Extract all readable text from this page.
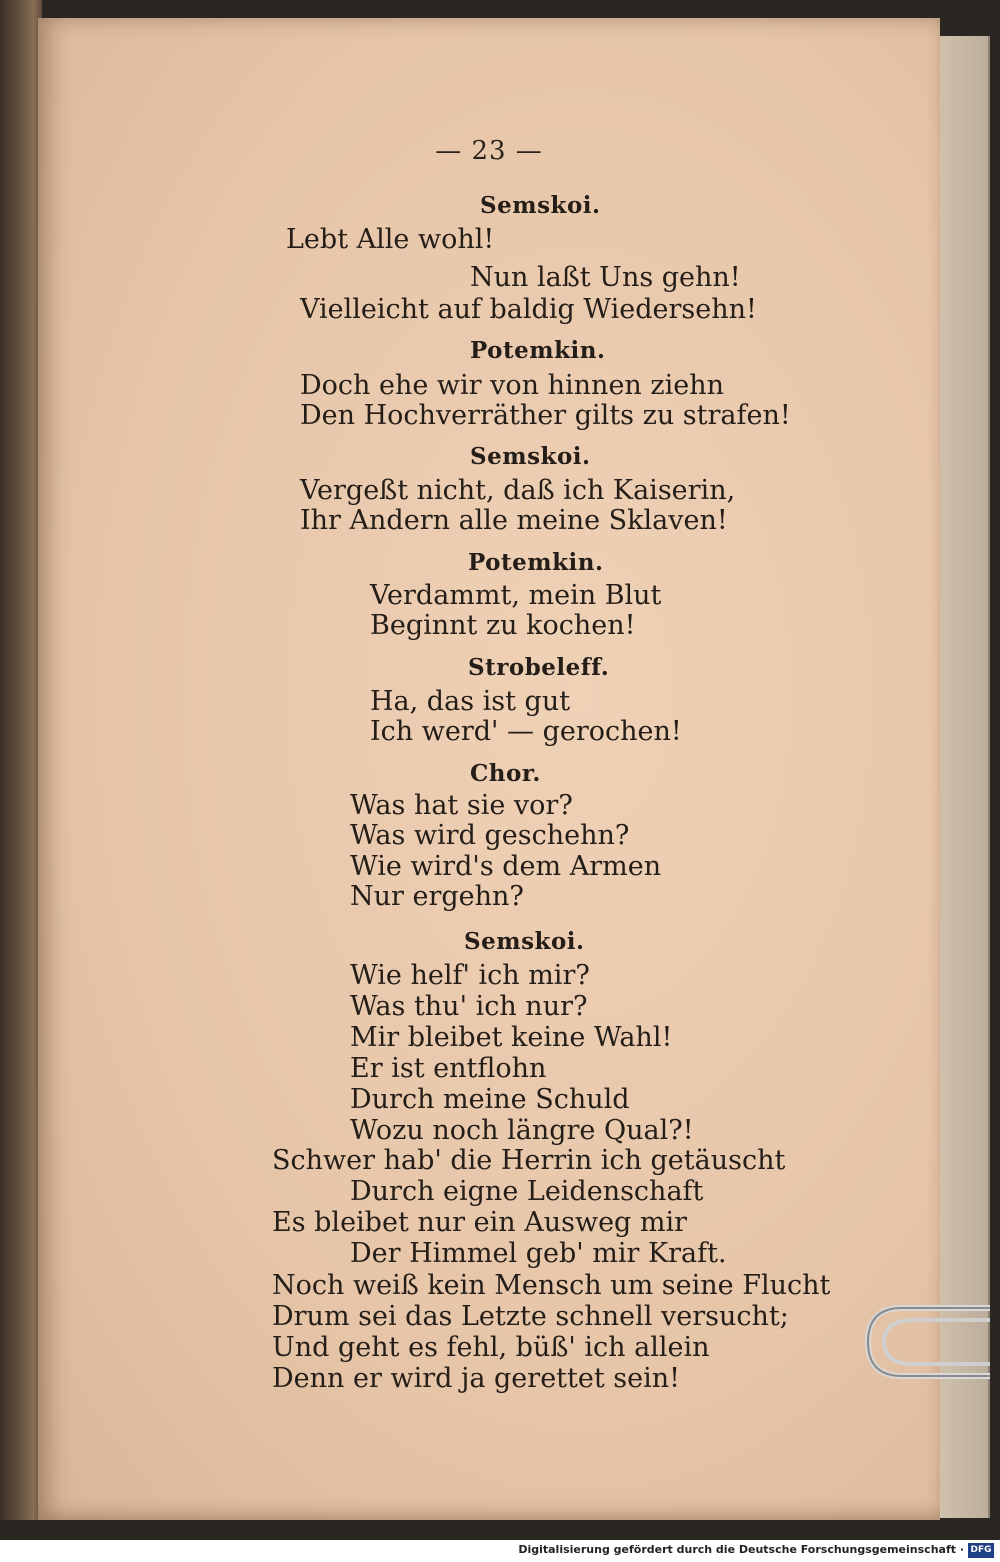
— 23 —
Semskoi.
Lebt Alle wohl!
Nun laßt Uns gehn!
Vielleicht auf baldig Wiedersehn!
Potemkin.
Doch ehe wir von hinnen ziehn
Den Hochverräther gilts zu strafen!
Semskoi.
Vergeßt nicht, daß ich Kaiserin,
Ihr Andern alle meine Sklaven!
Potemkin.
Verdammt, mein Blut
Beginnt zu kochen!
Strobeleff.
Ha, das ist gut
Ich werd' — gerochen!
Chor.
Was hat sie vor?
Was wird geschehn?
Wie wird's dem Armen
Nur ergehn?
Semskoi.
Wie helf' ich mir?
Was thu' ich nur?
Mir bleibet keine Wahl!
Er ist entflohn
Durch meine Schuld
Wozu noch längre Qual?!
Schwer hab' die Herrin ich getäuscht
Durch eigne Leidenschaft
Es bleibet nur ein Ausweg mir
Der Himmel geb' mir Kraft.
Noch weiß kein Mensch um seine Flucht
Drum sei das Letzte schnell versucht;
Und geht es fehl, büß' ich allein
Denn er wird ja gerettet sein!
Digitalisierung gefördert durch die Deutsche Forschungsgemeinschaft · DFG
